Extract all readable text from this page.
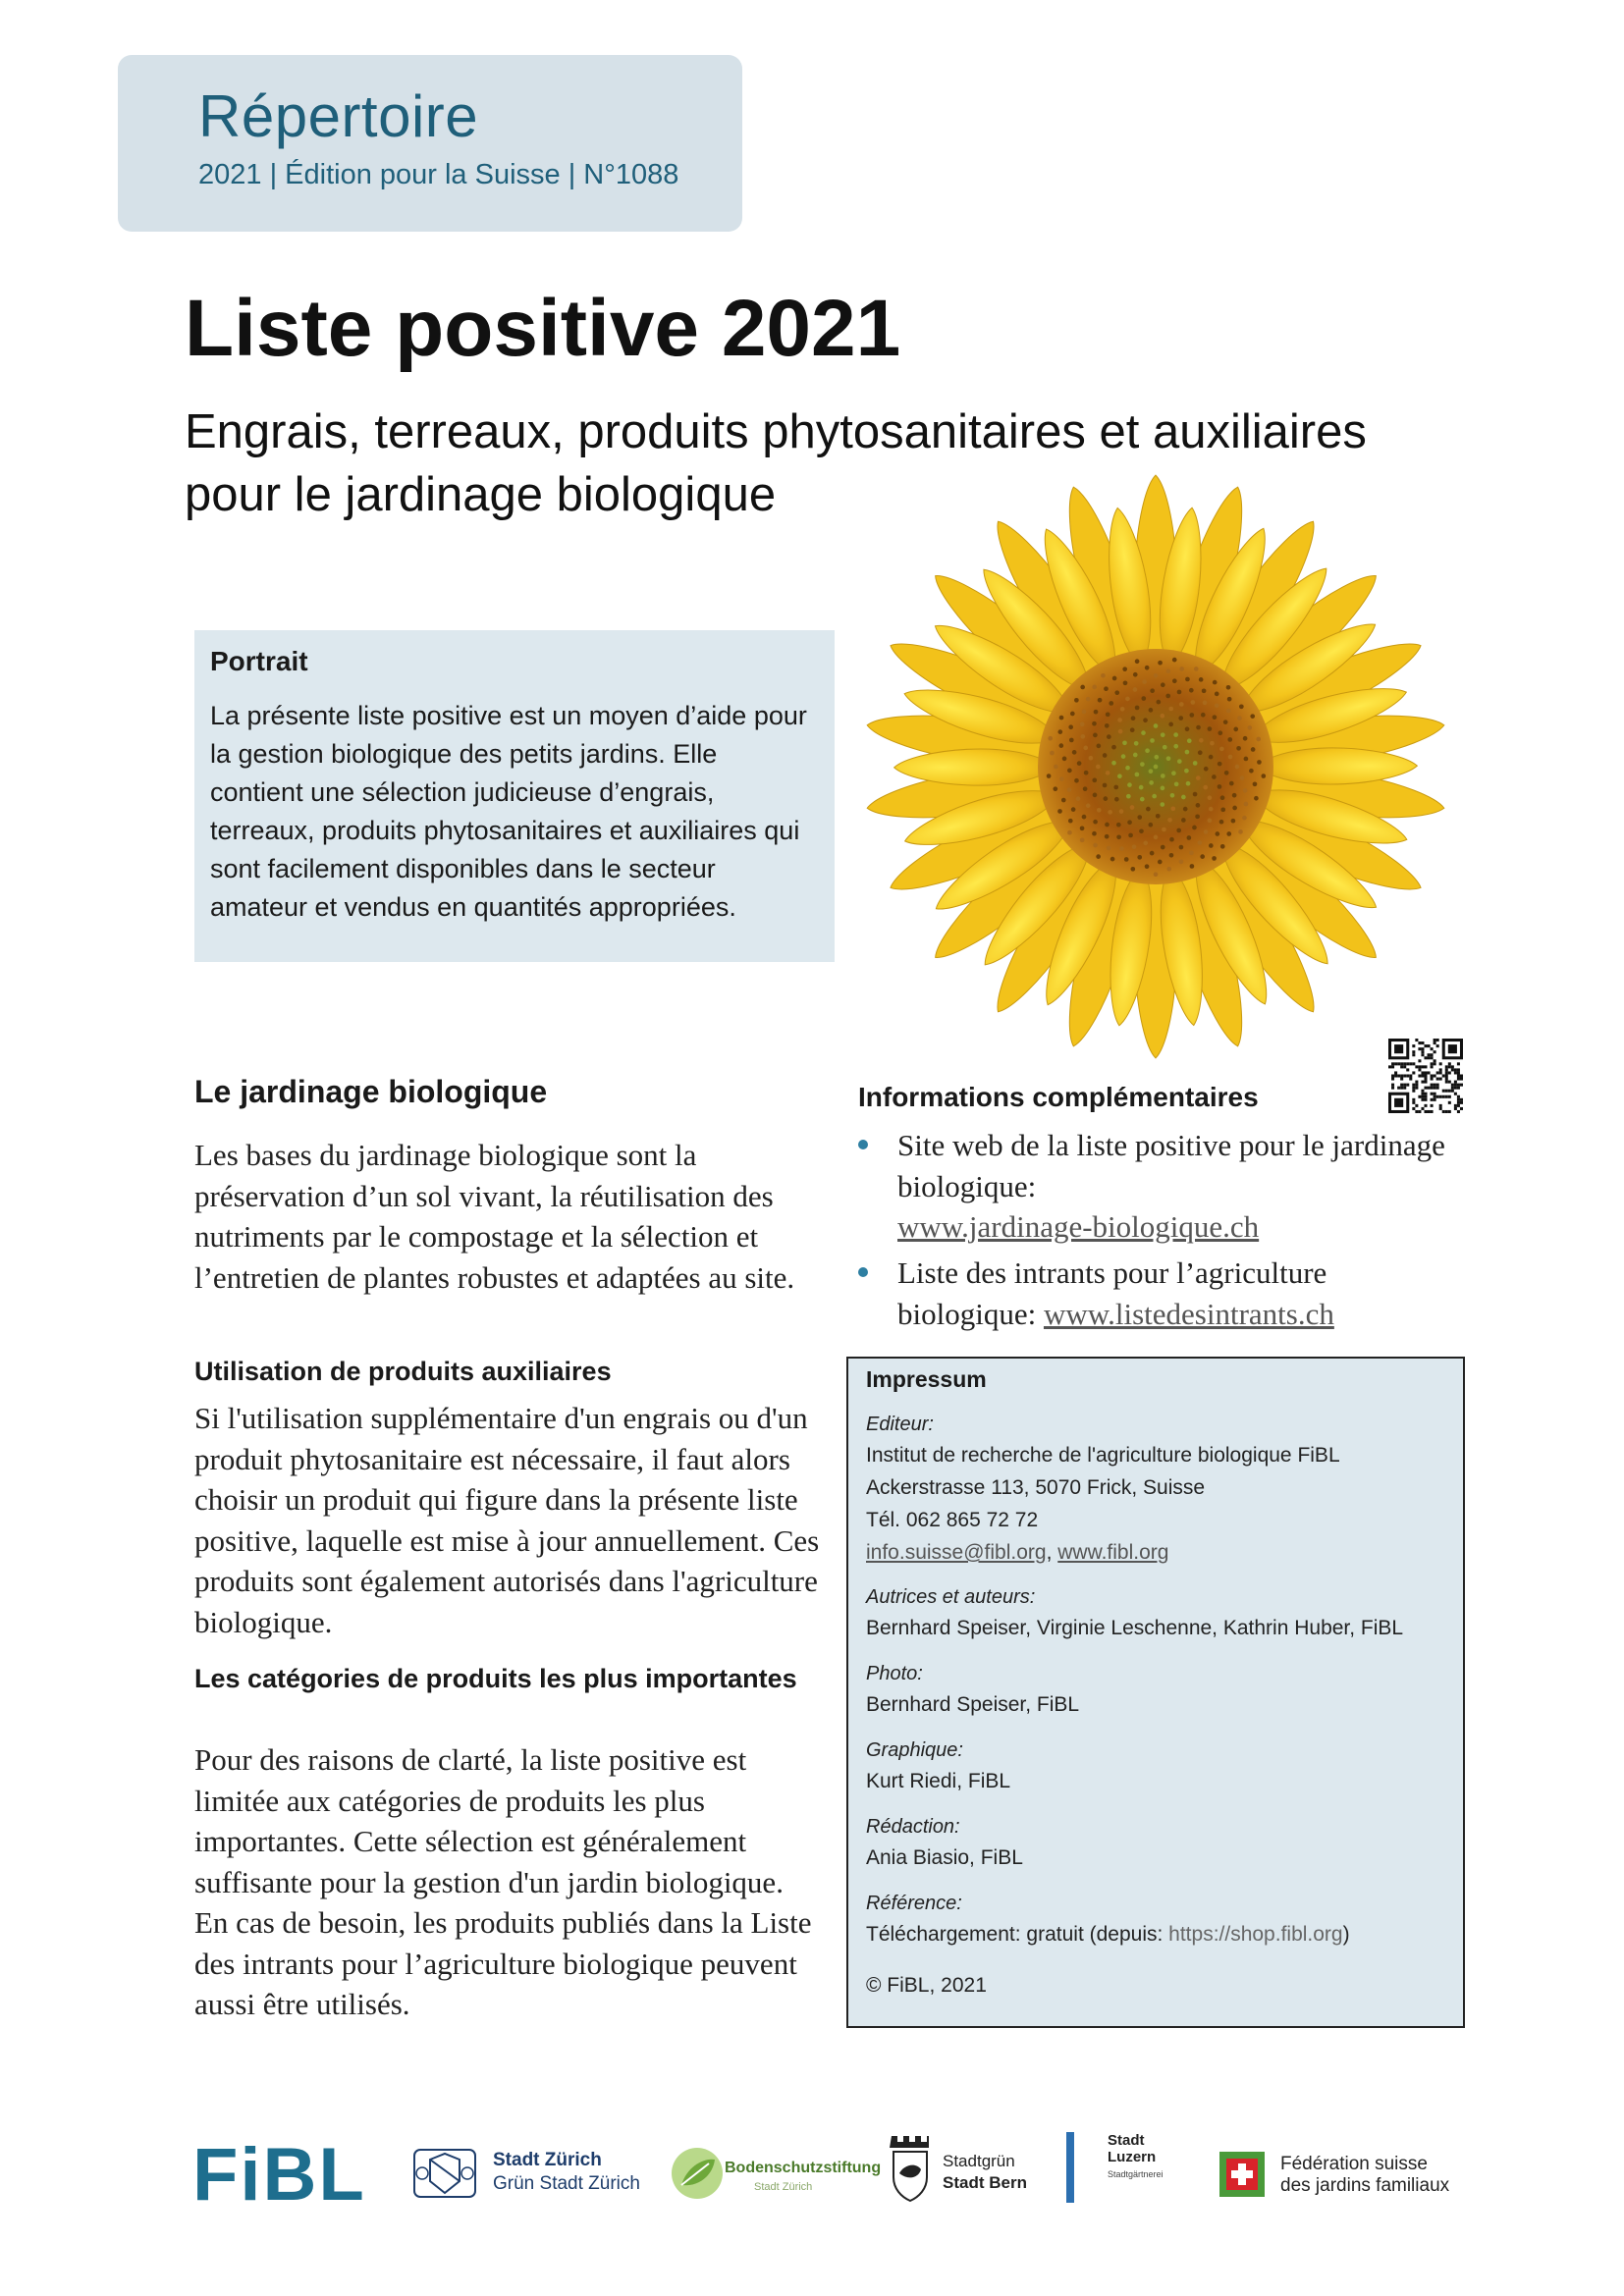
Répertoire
2021 | Édition pour la Suisse | N°1088
Liste positive 2021
Engrais, terreaux, produits phytosanitaires et auxiliaires pour le jardinage biologique
Portrait
La présente liste positive est un moyen d’aide pour la gestion biologique des petits jardins. Elle contient une sélection judicieuse d’engrais, terreaux, produits phytosanitaires et auxiliaires qui sont facilement disponibles dans le secteur amateur et vendus en quantités appropriées.
Le jardinage biologique
Les bases du jardinage biologique sont la préservation d’un sol vivant, la réutilisation des nutriments par le compostage et la sélection et l’entretien de plantes robustes et adaptées au site.
Utilisation de produits auxiliaires
Si l'utilisation supplémentaire d'un engrais ou d'un produit phytosanitaire est nécessaire, il faut alors choisir un produit qui figure dans la présente liste positive, laquelle est mise à jour annuellement. Ces produits sont également autorisés dans l'agriculture biologique.
Les catégories de produits les plus importantes
Pour des raisons de clarté, la liste positive est limitée aux catégories de produits les plus importantes. Cette sélection est généralement suffisante pour la gestion d'un jardin biologique. En cas de besoin, les produits publiés dans la Liste des intrants pour l’agriculture biologique peuvent aussi être utilisés.
Informations complémentaires
Site web de la liste positive pour le jardinage biologique:
www.jardinage-biologique.ch
Liste des intrants pour l’agriculture biologique: www.listedesintrants.ch
Impressum
Editeur:
Institut de recherche de l'agriculture biologique FiBL
Ackerstrasse 113, 5070 Frick, Suisse
Tél. 062 865 72 72
info.suisse@fibl.org, www.fibl.org
Autrices et auteurs:
Bernhard Speiser, Virginie Leschenne, Kathrin Huber, FiBL
Photo:
Bernhard Speiser, FiBL
Graphique:
Kurt Riedi, FiBL
Rédaction:
Ania Biasio, FiBL
Référence:
Téléchargement: gratuit (depuis: https://shop.fibl.org)
© FiBL, 2021
FiBL	Stadt Zürich
Grün Stadt Zürich
Bodenschutzstiftung
Stadt Zürich
Stadtgrün
Stadt Bern
Stadt
Luzern
Stadtgärtnerei	Fédération suisse
des jardins familiaux
